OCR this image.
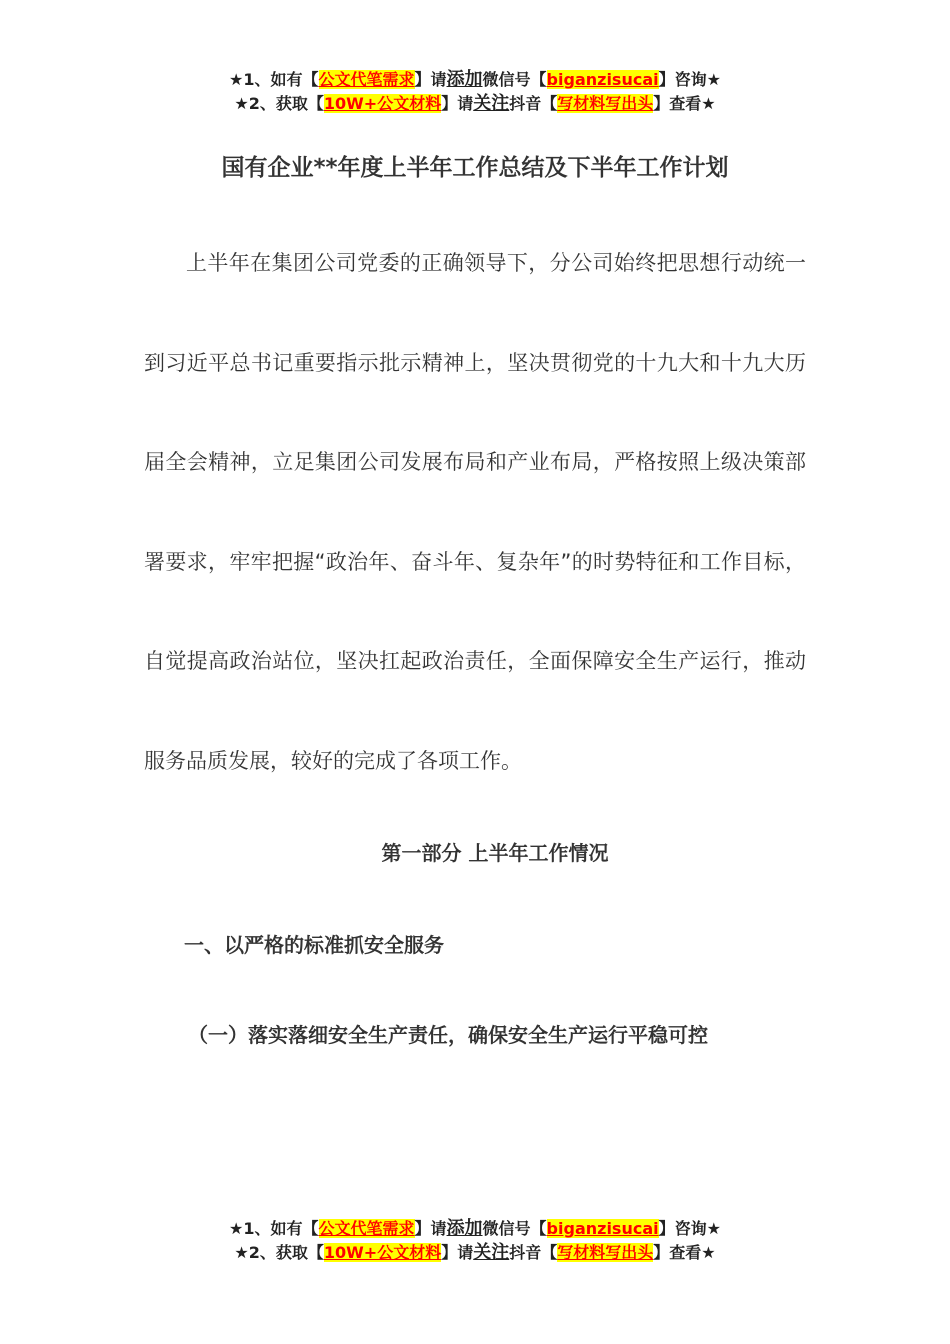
★1、如有【公文代笔需求】请添加微信号【biganzisucai】咨询★
★2、获取【10W+公文材料】请关注抖音【写材料写出头】查看★
国有企业**年度上半年工作总结及下半年工作计划

上半年在集团公司党委的正确领导下，分公司始终把思想行动统一到习近平总书记重要指示批示精神上，坚决贯彻党的十九大和十九大历届全会精神，立足集团公司发展布局和产业布局，严格按照上级决策部署要求，牢牢把握“政治年、奋斗年、复杂年”的时势特征和工作目标，自觉提高政治站位，坚决扛起政治责任，全面保障安全生产运行，推动服务品质发展，较好的完成了各项工作。

第一部分 上半年工作情况
一、以严格的标准抓安全服务
（一）落实落细安全生产责任，确保安全生产运行平稳可控
★1、如有【公文代笔需求】请添加微信号【biganzisucai】咨询★
★2、获取【10W+公文材料】请关注抖音【写材料写出头】查看★
